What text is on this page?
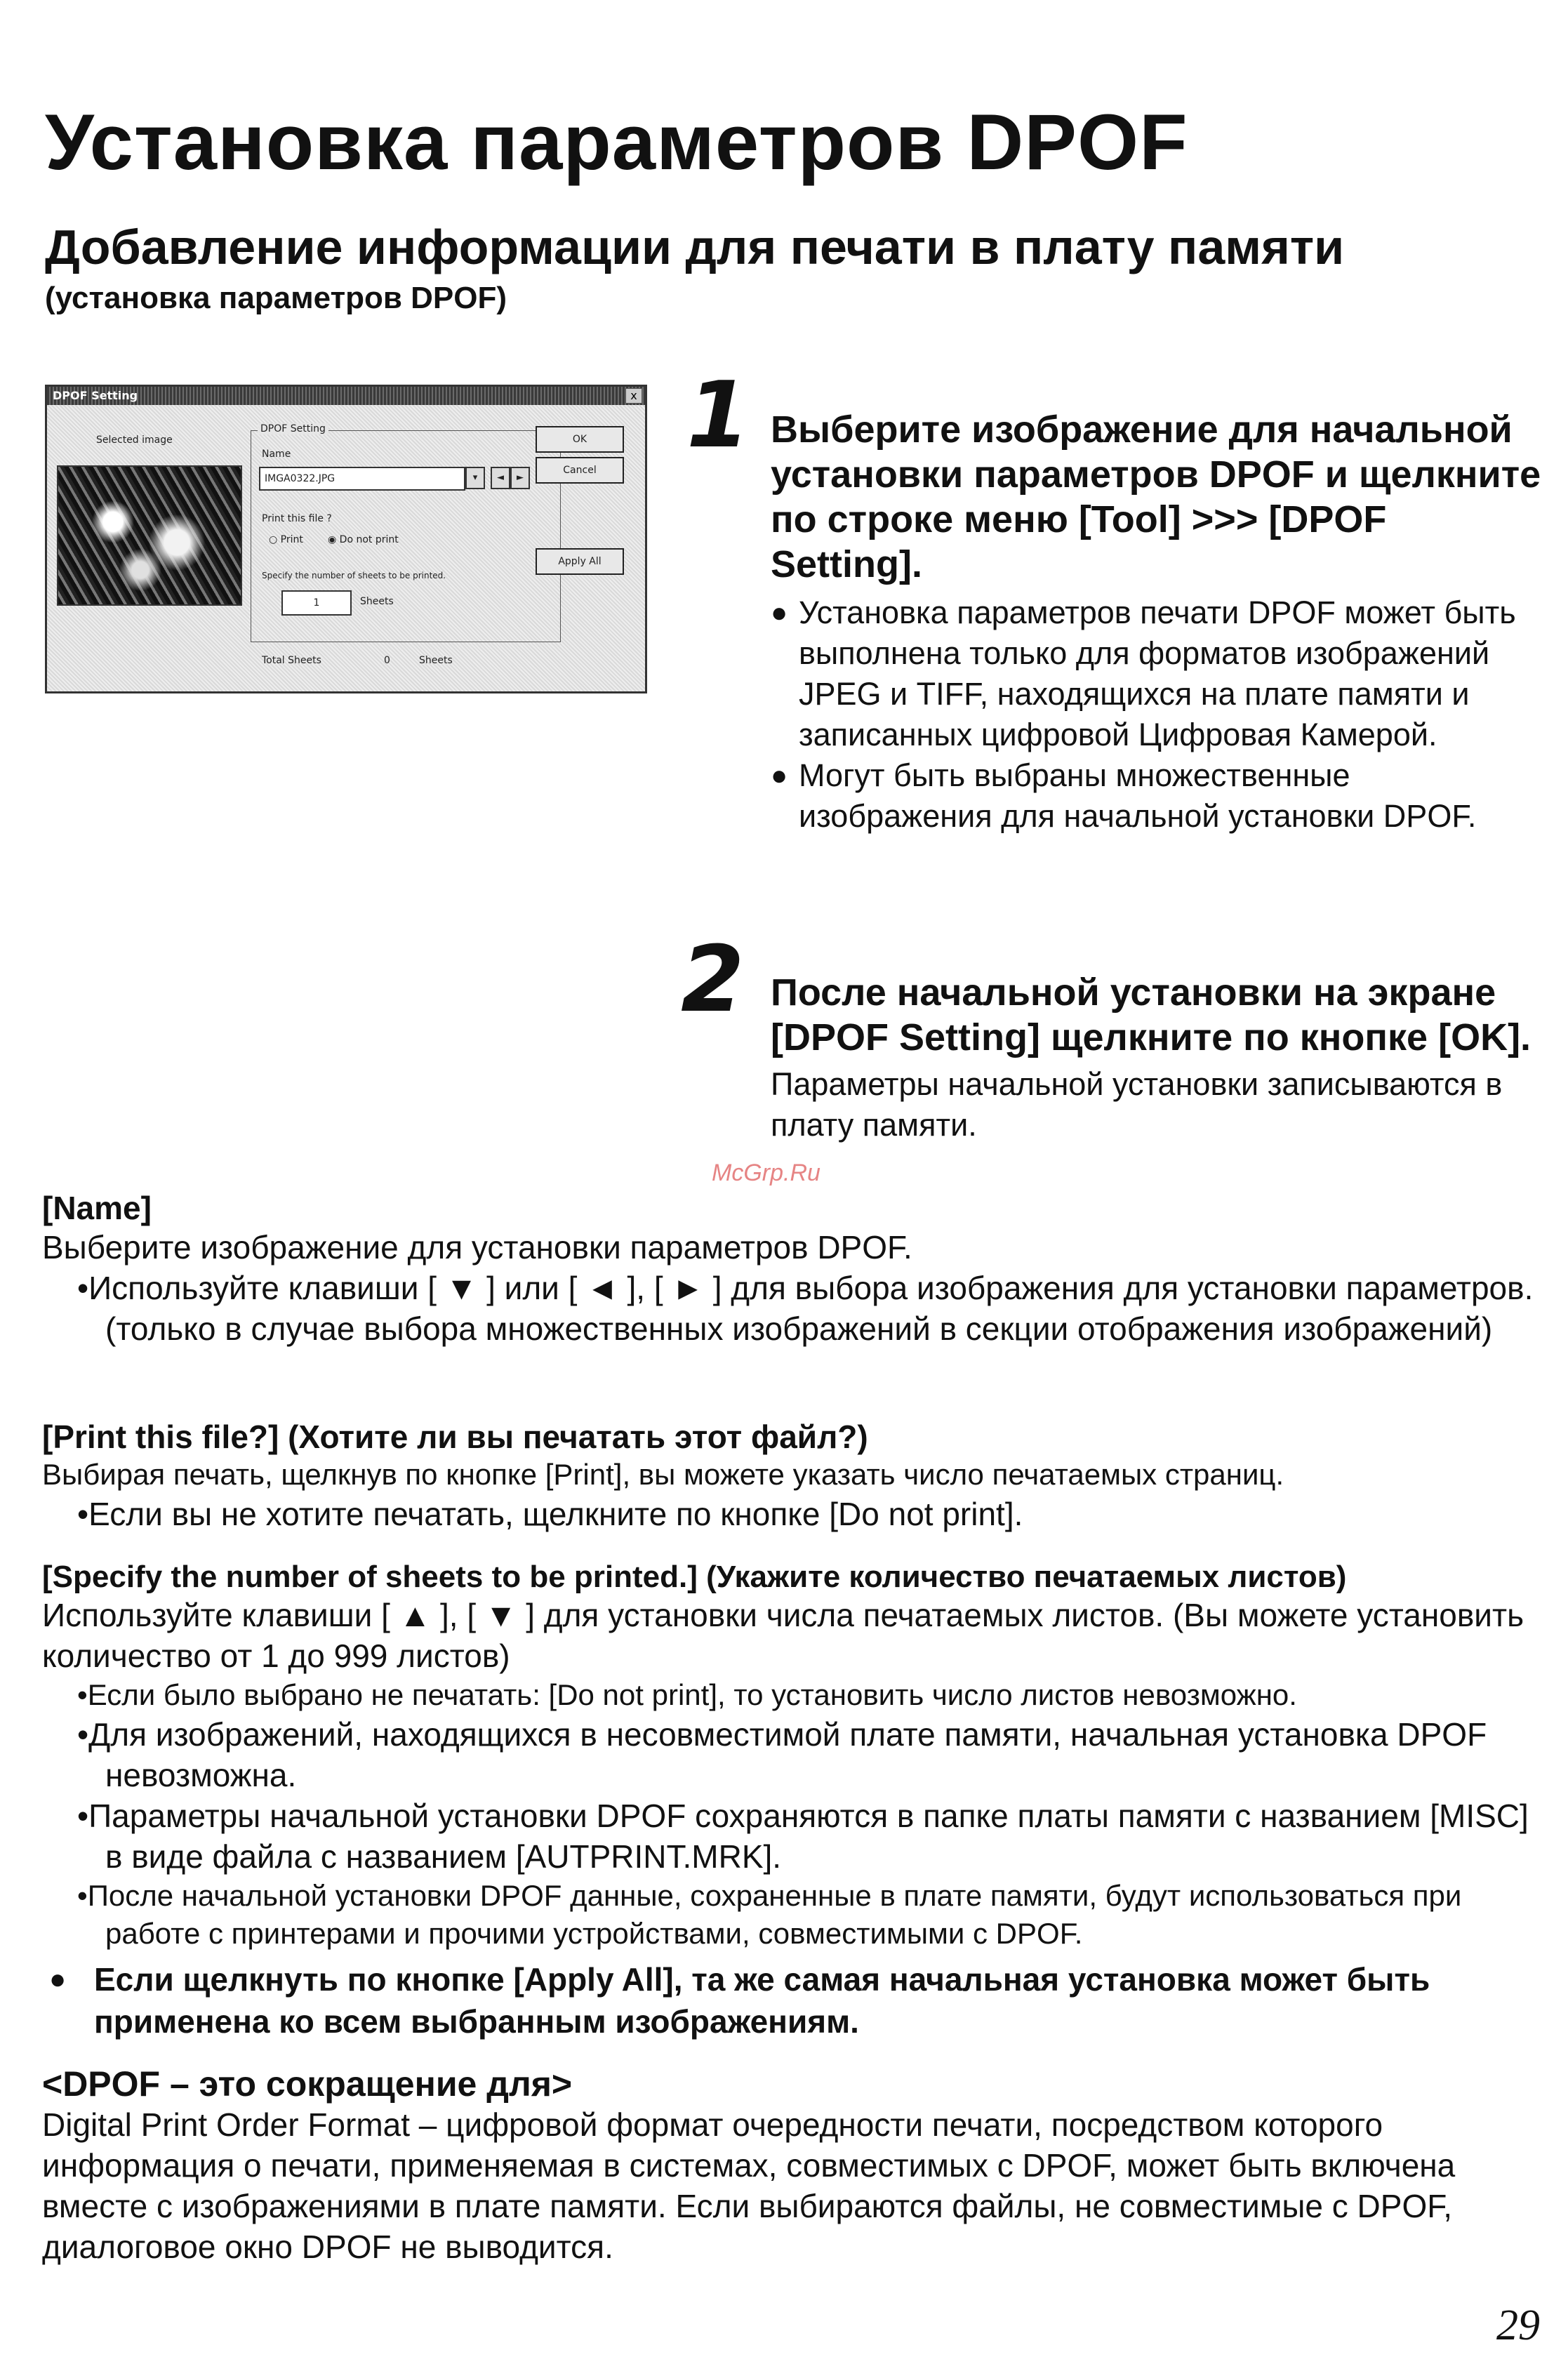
Установка параметров DPOF
Добавление информации для печати в плату памяти
(установка параметров DPOF)
DPOF Setting	x
Selected image
DPOF Setting
Name
IMGA0322.JPG	▾	◄	►
Print this file ?
○ Print	◉ Do not print
Specify the number of sheets to be printed.
1	Sheets
Total Sheets	0	Sheets
OK
Cancel
Apply All
1 Выберите изображение для начальной установки параметров DPOF и щелкните по строке меню [Tool] >>> [DPOF Setting].
● Установка параметров печати DPOF может быть выполнена только для форматов изображений JPEG и TIFF, находящихся на плате памяти и записанных цифровой Цифровая Камерой.
● Могут быть выбраны множественные изображения для начальной установки DPOF.
2 После начальной установки на экране [DPOF Setting] щелкните по кнопке [OK].
Параметры начальной установки записываются в плату памяти.
McGrp.Ru
[Name]
Выберите изображение для установки параметров DPOF.
•Используйте клавиши [ ▼ ] или [ ◄ ], [ ► ] для выбора изображения для установки параметров. (только в случае выбора множественных изображений в секции отображения изображений)
[Print this file?] (Хотите ли вы печатать этот файл?)
Выбирая печать, щелкнув по кнопке [Print], вы можете указать число печатаемых страниц.
•Если вы не хотите печатать, щелкните по кнопке [Do not print].
[Specify the number of sheets to be printed.] (Укажите количество печатаемых листов)
Используйте клавиши [ ▲ ], [ ▼ ] для установки числа печатаемых листов. (Вы можете установить количество от 1 до 999 листов)
•Если было выбрано не печатать: [Do not print], то установить число листов невозможно.
•Для изображений, находящихся в несовместимой плате памяти, начальная установка DPOF невозможна.
•Параметры начальной установки DPOF сохраняются в папке платы памяти с названием [MISC] в виде файла с названием [AUTPRINT.MRK].
•После начальной установки DPOF данные, сохраненные в плате памяти, будут использоваться при работе с принтерами и прочими устройствами, совместимыми с DPOF.
● Если щелкнуть по кнопке [Apply All], та же самая начальная установка может быть применена ко всем выбранным изображениям.
<DPOF – это сокращение для>
Digital Print Order Format – цифровой формат очередности печати, посредством которого информация о печати, применяемая в системах, совместимых с DPOF, может быть включена вместе с изображениями в плате памяти. Если выбираются файлы, не совместимые с DPOF, диалоговое окно DPOF не выводится.
29
